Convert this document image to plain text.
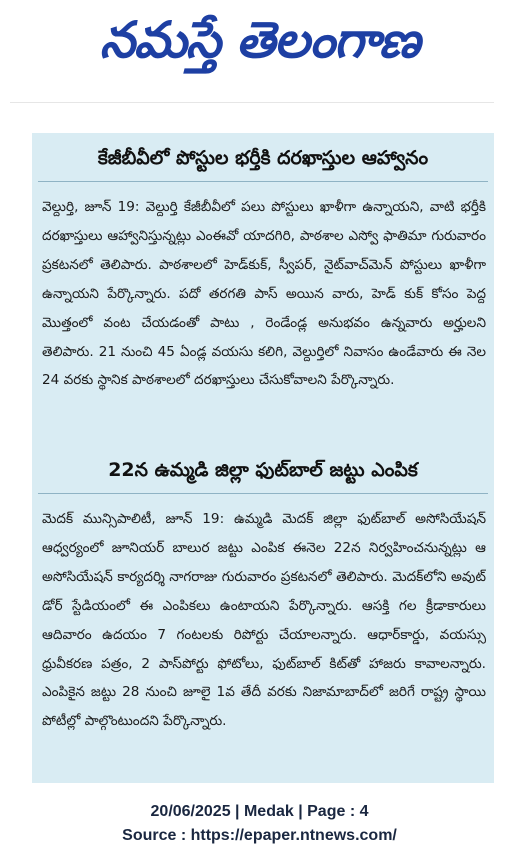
నమస్తే తెలంగాణ
కేజీబీవీలో పోస్టుల భర్తీకి దరఖాస్తుల ఆహ్వానం

వెల్దుర్తి, జూన్ 19: వెల్దుర్తి కేజీబీవీలో పలు పోస్టులు ఖాళీగా ఉన్నాయని, వాటి భర్తీకి దరఖాస్తులు ఆహ్వానిస్తున్నట్లు ఎంఈవో యాదగిరి, పాఠశాల ఎస్వో ఫాతిమా గురువారం ప్రకటనలో తెలిపారు. పాఠశాలలో హెడ్‌కుక్, స్వీపర్, నైట్‌వాచ్‌మెన్ పోస్టులు ఖాళీగా ఉన్నాయని పేర్కొన్నారు. పదో తరగతి పాస్ అయిన వారు, హెడ్ కుక్ కోసం పెద్ద మొత్తంలో వంట చేయడంతో పాటు , రెండేండ్ల అనుభవం ఉన్నవారు అర్హులని తెలిపారు. 21 నుంచి 45 ఏండ్ల వయసు కలిగి, వెల్దుర్తిలో నివాసం ఉండేవారు ఈ నెల 24 వరకు స్థానిక పాఠశాలలో దరఖాస్తులు చేసుకోవాలని పేర్కొన్నారు.

22న ఉమ్మడి జిల్లా ఫుట్‌బాల్ జట్టు ఎంపిక

మెదక్ మున్సిపాలిటీ, జూన్ 19: ఉమ్మడి మెదక్ జిల్లా ఫుట్‌బాల్ అసోసియేషన్ ఆధ్వర్యంలో జూనియర్ బాలుర జట్టు ఎంపిక ఈనెల 22న నిర్వహించనున్నట్లు ఆ అసోసియేషన్ కార్యదర్శి నాగరాజు గురువారం ప్రకటనలో తెలిపారు. మెదక్‌లోని అవుట్ డోర్ స్టేడియంలో ఈ ఎంపికలు ఉంటాయని పేర్కొన్నారు. ఆసక్తి గల క్రీడాకారులు ఆదివారం ఉదయం 7 గంటలకు రిపోర్టు చేయాలన్నారు. ఆధార్‌కార్డు, వయస్సు ధ్రువీకరణ పత్రం, 2 పాస్‌పోర్టు ఫోటోలు, ఫుట్‌బాల్ కిట్‌తో హాజరు కావాలన్నారు. ఎంపికైన జట్టు 28 నుంచి జూలై 1వ తేదీ వరకు నిజామాబాద్‌లో జరిగే రాష్ట్ర స్థాయి పోటీల్లో పాల్గొంటుందని పేర్కొన్నారు.

20/06/2025 | Medak | Page : 4
Source : https://epaper.ntnews.com/
